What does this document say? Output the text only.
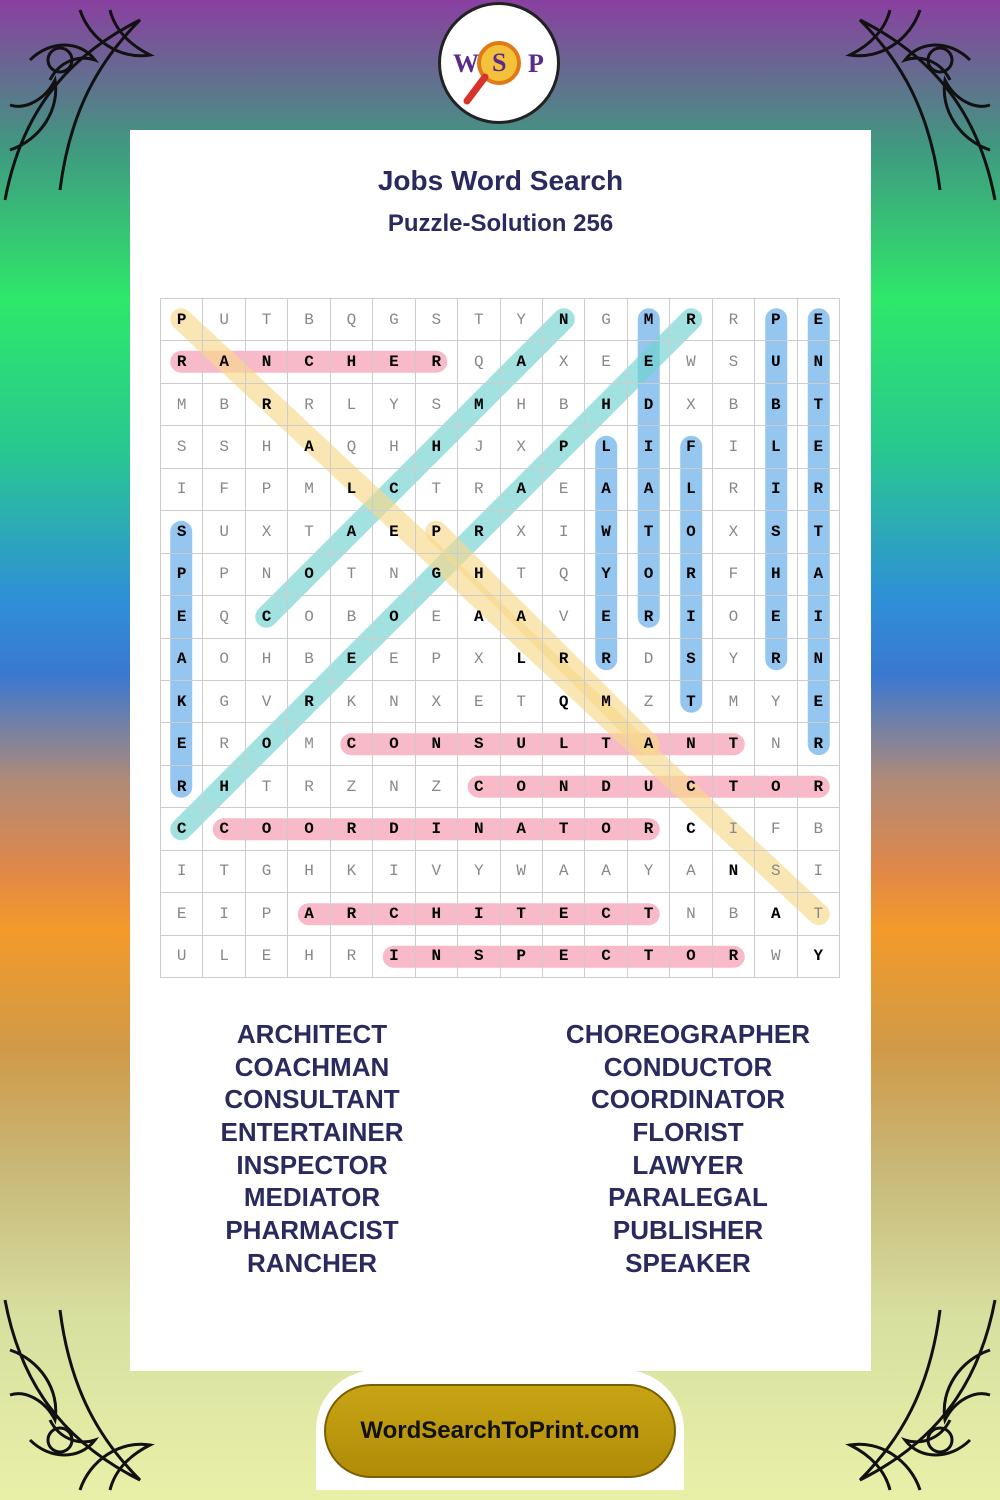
W S P
Jobs Word Search
Puzzle-Solution 256
P	U	T	B	Q	G	S	T	Y	N	G	M	R	R	P	E
R	A	N	C	H	E	R	Q	A	X	E	E	W	S	U	N
M	B	R	R	L	Y	S	M	H	B	H	D	X	B	B	T
S	S	H	A	Q	H	H	J	X	P	L	I	F	I	L	E
I	F	P	M	L	C	T	R	A	E	A	A	L	R	I	R
S	U	X	T	A	E	P	R	X	I	W	T	O	X	S	T
P	P	N	O	T	N	G	H	T	Q	Y	O	R	F	H	A
E	Q	C	O	B	O	E	A	A	V	E	R	I	O	E	I
A	O	H	B	E	E	P	X	L	R	R	D	S	Y	R	N
K	G	V	R	K	N	X	E	T	Q	M	Z	T	M	Y	E
E	R	O	M	C	O	N	S	U	L	T	A	N	T	N	R
R	H	T	R	Z	N	Z	C	O	N	D	U	C	T	O	R
C	C	O	O	R	D	I	N	A	T	O	R	C	I	F	B
I	T	G	H	K	I	V	Y	W	A	A	Y	A	N	S	I
E	I	P	A	R	C	H	I	T	E	C	T	N	B	A	T
U	L	E	H	R	I	N	S	P	E	C	T	O	R	W	Y
ARCHITECT
COACHMAN
CONSULTANT
ENTERTAINER
INSPECTOR
MEDIATOR
PHARMACIST
RANCHER
CHOREOGRAPHER
CONDUCTOR
COORDINATOR
FLORIST
LAWYER
PARALEGAL
PUBLISHER
SPEAKER
WordSearchToPrint.com
